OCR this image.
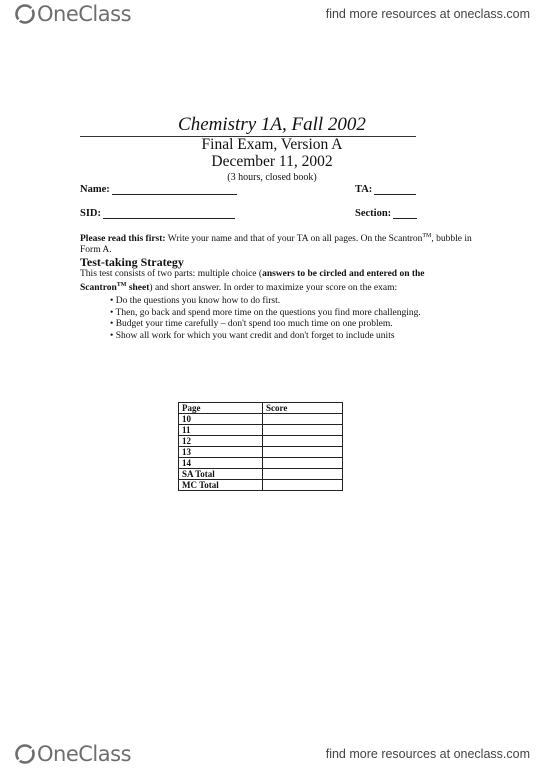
OneClass	find more resources at oneclass.com
Chemistry 1A, Fall 2002
Final Exam, Version A
December 11, 2002
(3 hours, closed book)
Name:	TA:
SID:	Section:
Please read this first: Write your name and that of your TA on all pages. On the Scantron™, bubble in Form A.
Test-taking Strategy
This test consists of two parts: multiple choice (answers to be circled and entered on the Scantron™ sheet) and short answer. In order to maximize your score on the exam:
• Do the questions you know how to do first.
• Then, go back and spend more time on the questions you find more challenging.
• Budget your time carefully – don't spend too much time on one problem.
• Show all work for which you want credit and don't forget to include units
Page	Score
10	
11	
12	
13	
14	
SA Total	
MC Total	
OneClass	find more resources at oneclass.com
